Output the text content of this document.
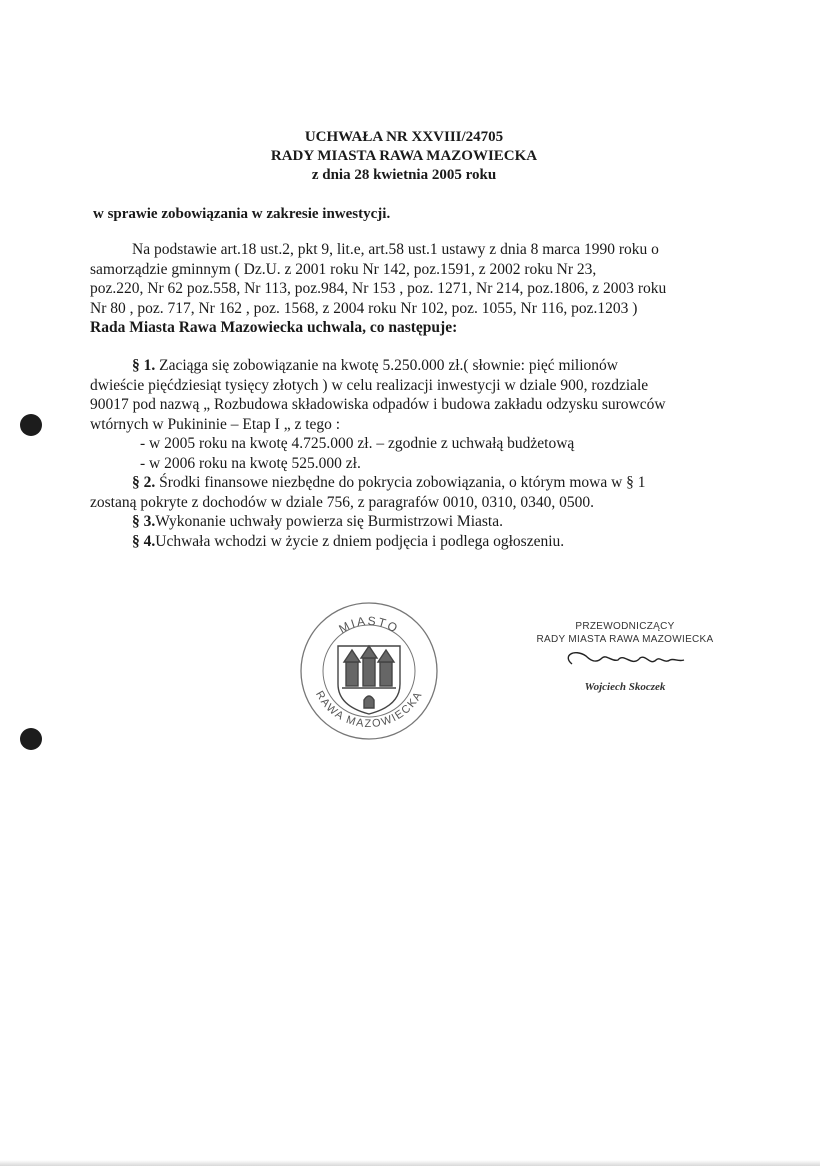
UCHWAŁA NR XXVIII/24705
RADY MIASTA RAWA MAZOWIECKA
z dnia 28 kwietnia 2005 roku
w sprawie zobowiązania w zakresie inwestycji.
Na podstawie art.18 ust.2, pkt 9, lit.e, art.58 ust.1 ustawy z dnia 8 marca 1990 roku o
samorządzie gminnym ( Dz.U. z 2001 roku Nr 142, poz.1591, z 2002 roku Nr 23,
poz.220, Nr 62 poz.558, Nr 113, poz.984, Nr 153 , poz. 1271, Nr 214, poz.1806, z 2003 roku
Nr 80 , poz. 717, Nr 162 , poz. 1568, z 2004 roku Nr 102, poz. 1055, Nr 116, poz.1203 )
Rada Miasta Rawa Mazowiecka uchwala, co następuje:
§ 1. Zaciąga się zobowiązanie na kwotę 5.250.000 zł.( słownie: pięć milionów
dwieście pięćdziesiąt tysięcy złotych ) w celu realizacji inwestycji w dziale 900, rozdziale
90017 pod nazwą „ Rozbudowa składowiska odpadów i budowa zakładu odzysku surowców
wtórnych w Pukininie – Etap I „ z tego :
- w 2005 roku na kwotę 4.725.000 zł. – zgodnie z uchwałą budżetową
- w 2006 roku na kwotę 525.000 zł.
§ 2. Środki finansowe niezbędne do pokrycia zobowiązania, o którym mowa w § 1
zostaną pokryte z dochodów w dziale 756, z paragrafów 0010, 0310, 0340, 0500.
§ 3.Wykonanie uchwały powierza się Burmistrzowi Miasta.
§ 4.Uchwała wchodzi w życie z dniem podjęcia i podlega ogłoszeniu.
MIASTO
RAWA MAZOWIECKA
PRZEWODNICZĄCY
RADY MIASTA RAWA MAZOWIECKA
Wojciech Skoczek
